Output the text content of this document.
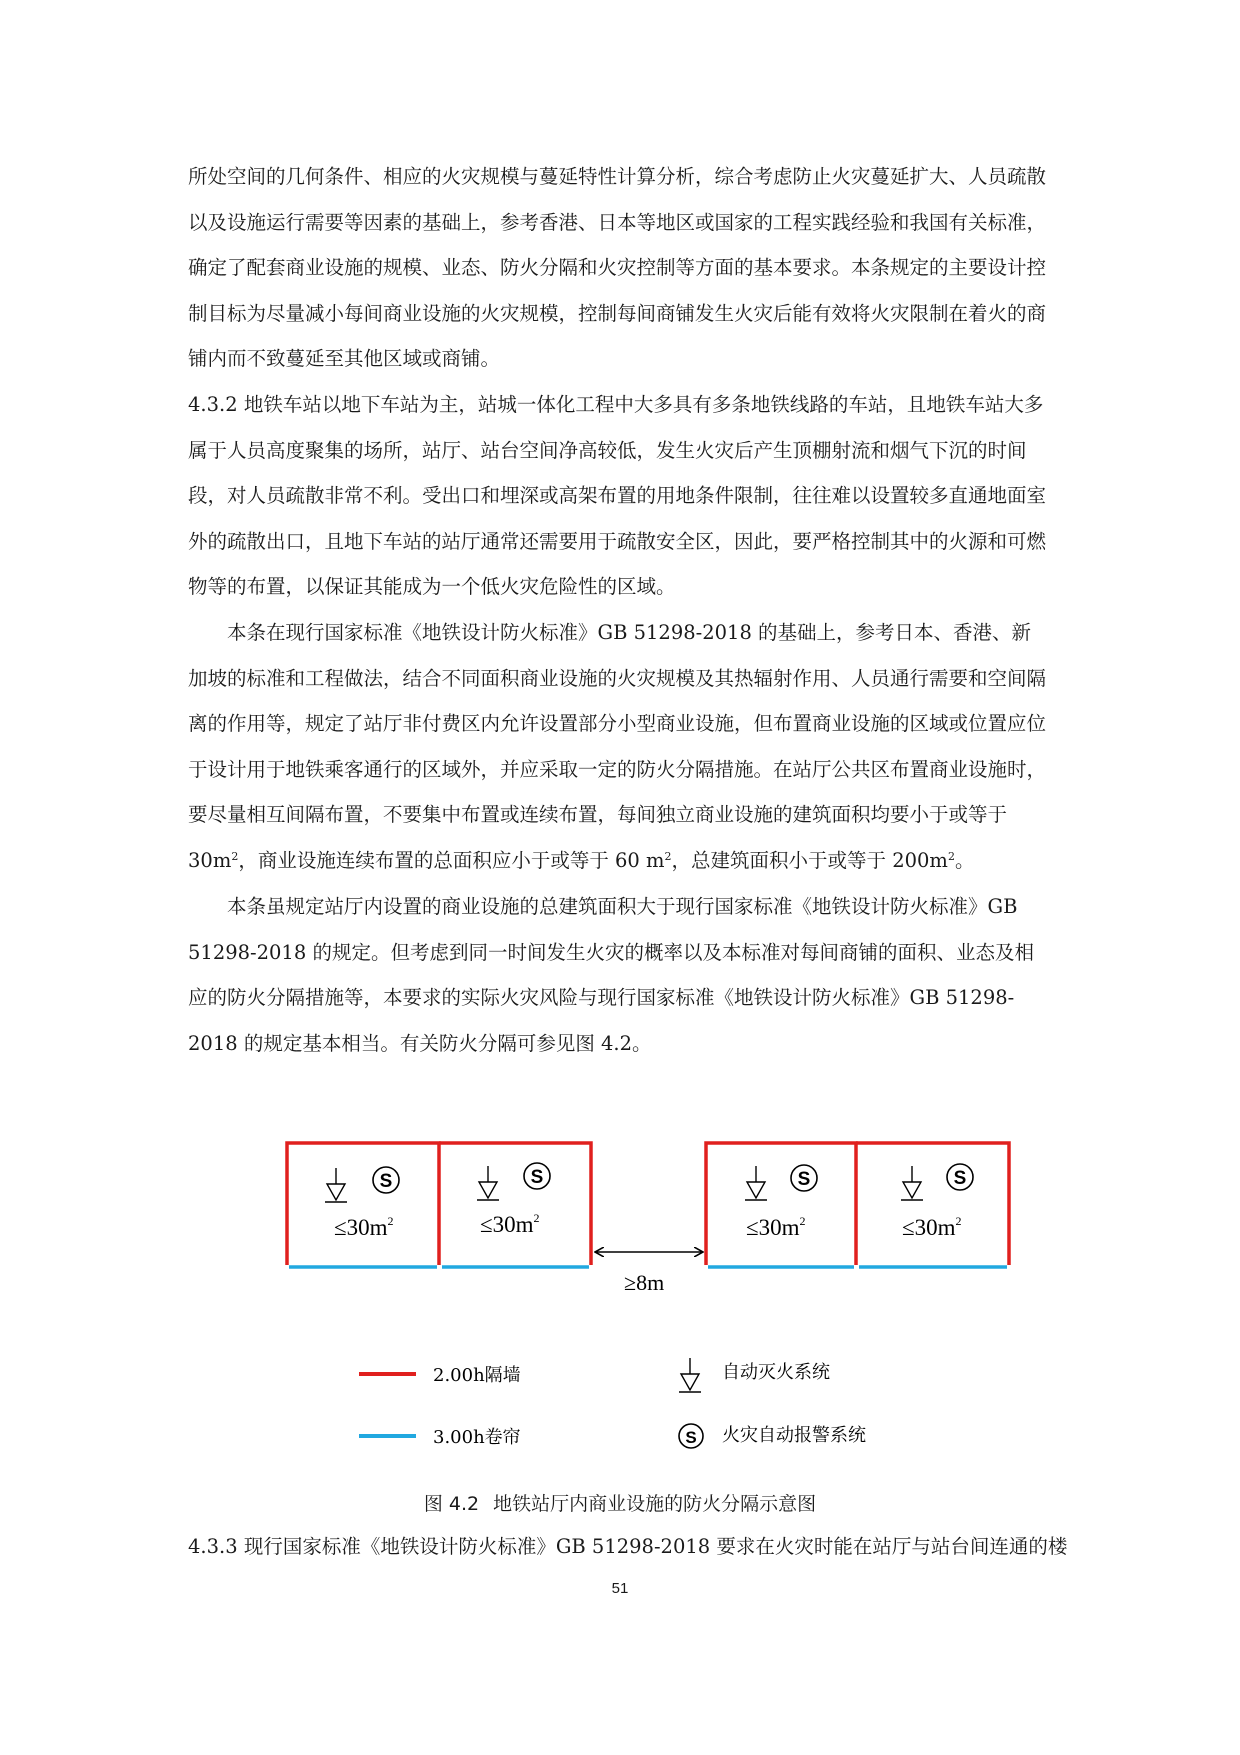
所处空间的几何条件、相应的火灾规模与蔓延特性计算分析，综合考虑防止火灾蔓延扩大、人员疏散以及设施运行需要等因素的基础上，参考香港、日本等地区或国家的工程实践经验和我国有关标准，确定了配套商业设施的规模、业态、防火分隔和火灾控制等方面的基本要求。本条规定的主要设计控制目标为尽量减小每间商业设施的火灾规模，控制每间商铺发生火灾后能有效将火灾限制在着火的商铺内而不致蔓延至其他区域或商铺。

4.3.2 地铁车站以地下车站为主，站城一体化工程中大多具有多条地铁线路的车站，且地铁车站大多属于人员高度聚集的场所，站厅、站台空间净高较低，发生火灾后产生顶棚射流和烟气下沉的时间段，对人员疏散非常不利。受出口和埋深或高架布置的用地条件限制，往往难以设置较多直通地面室外的疏散出口，且地下车站的站厅通常还需要用于疏散安全区，因此，要严格控制其中的火源和可燃物等的布置，以保证其能成为一个低火灾危险性的区域。

本条在现行国家标准《地铁设计防火标准》GB 51298-2018 的基础上，参考日本、香港、新加坡的标准和工程做法，结合不同面积商业设施的火灾规模及其热辐射作用、人员通行需要和空间隔离的作用等，规定了站厅非付费区内允许设置部分小型商业设施，但布置商业设施的区域或位置应位于设计用于地铁乘客通行的区域外，并应采取一定的防火分隔措施。在站厅公共区布置商业设施时，要尽量相互间隔布置，不要集中布置或连续布置，每间独立商业设施的建筑面积均要小于或等于 $30m^2$，商业设施连续布置的总面积应小于或等于 60 $m^2$，总建筑面积小于或等于 $200m^2$。

本条虽规定站厅内设置的商业设施的总建筑面积大于现行国家标准《地铁设计防火标准》GB 51298-2018 的规定。但考虑到同一时间发生火灾的概率以及本标准对每间商铺的面积、业态及相应的防火分隔措施等，本要求的实际火灾风险与现行国家标准《地铁设计防火标准》GB 51298-2018 的规定基本相当。有关防火分隔可参见图 4.2。

S
$\le 30m^2$
S
$\le 30m^2$
≥8m
S
$\le 30m^2$
S
$\le 30m^2$
2.00h隔墙
3.00h卷帘
自动灭火系统
S 火灾自动报警系统
图 4.2 地铁站厅内商业设施的防火分隔示意图

4.3.3 现行国家标准《地铁设计防火标准》GB 51298-2018 要求在火灾时能在站厅与站台间连通的楼

51
